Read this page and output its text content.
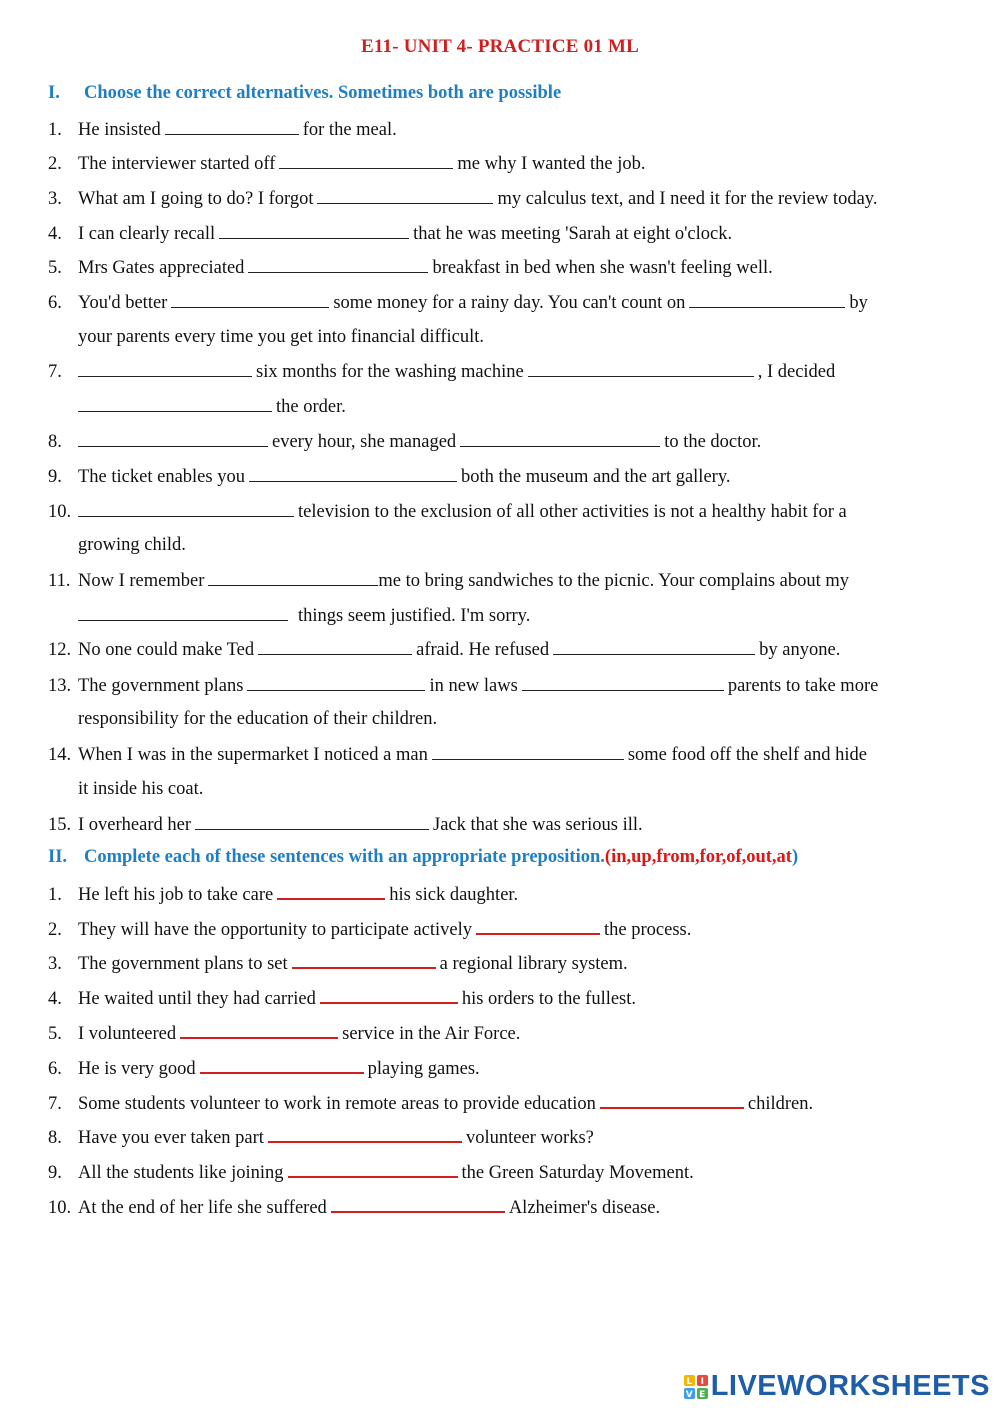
E11- UNIT 4- PRACTICE 01 ML
I. Choose the correct alternatives. Sometimes both are possible
1. He insisted	for the meal.
2. The interviewer started off	me why I wanted the job.
3. What am I going to do? I forgot	my calculus text, and I need it for the review today.
4. I can clearly recall	that he was meeting 'Sarah at eight o'clock.
5. Mrs Gates appreciated	breakfast in bed when she wasn't feeling well.
6. You'd better	some money for a rainy day. You can't count on	by
your parents every time you get into financial difficult.
7.	six months for the washing machine	, I decided
the order.
8.	every hour, she managed	to the doctor.
9. The ticket enables you	both the museum and the art gallery.
10.	television to the exclusion of all other activities is not a healthy habit for a
growing child.
11. Now I remember	me to bring sandwiches to the picnic. Your complains about my
things seem justified. I'm sorry.
12. No one could make Ted	afraid. He refused	by anyone.
13. The government plans	in new laws	parents to take more
responsibility for the education of their children.
14. When I was in the supermarket I noticed a man	some food off the shelf and hide
it inside his coat.
15. I overheard her	Jack that she was serious ill.
II. Complete each of these sentences with an appropriate preposition.(in,up,from,for,of,out,at)
1. He left his job to take care	his sick daughter.
2. They will have the opportunity to participate actively	the process.
3. The government plans to set	a regional library system.
4. He waited until they had carried	his orders to the fullest.
5. I volunteered	service in the Air Force.
6. He is very good	playing games.
7. Some students volunteer to work in remote areas to provide education	children.
8. Have you ever taken part	volunteer works?
9. All the students like joining	the Green Saturday Movement.
10. At the end of her life she suffered	Alzheimer's disease.
L I
V E LIVEWORKSHEETS
